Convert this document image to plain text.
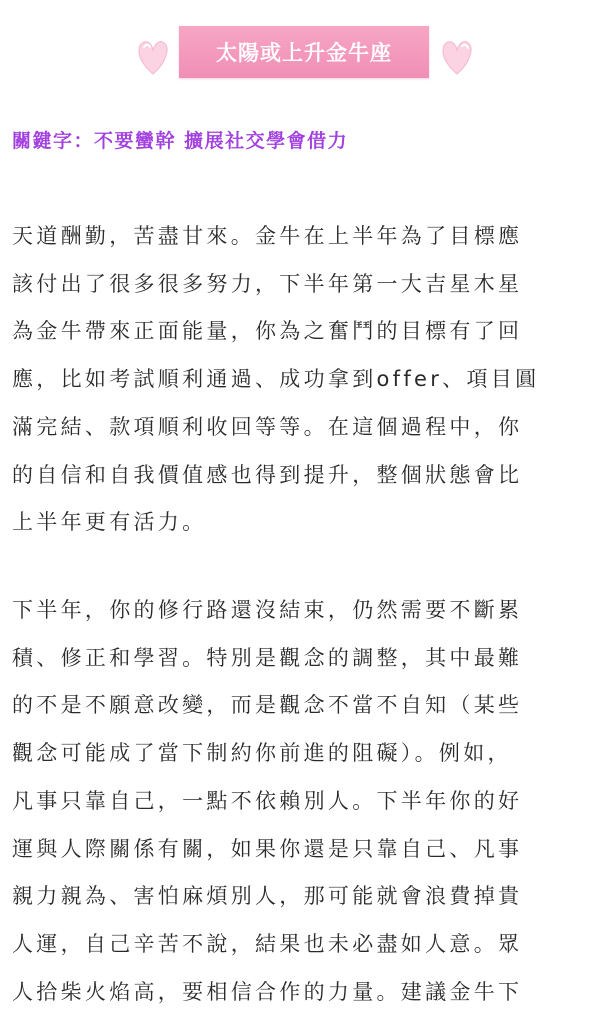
太陽或上升金牛座
關鍵字：不要蠻幹 擴展社交學會借力

天道酬勤，苦盡甘來。金牛在上半年為了目標應
該付出了很多很多努力，下半年第一大吉星木星
為金牛帶來正面能量，你為之奮鬥的目標有了回
應，比如考試順利通過、成功拿到offer、項目圓
滿完結、款項順利收回等等。在這個過程中，你
的自信和自我價值感也得到提升，整個狀態會比
上半年更有活力。

下半年，你的修行路還沒結束，仍然需要不斷累
積、修正和學習。特別是觀念的調整，其中最難
的不是不願意改變，而是觀念不當不自知（某些
觀念可能成了當下制約你前進的阻礙）。例如，
凡事只靠自己，一點不依賴別人。下半年你的好
運與人際關係有關，如果你還是只靠自己、凡事
親力親為、害怕麻煩別人，那可能就會浪費掉貴
人運，自己辛苦不說，結果也未必盡如人意。眾
人拾柴火焰高，要相信合作的力量。建議金牛下
